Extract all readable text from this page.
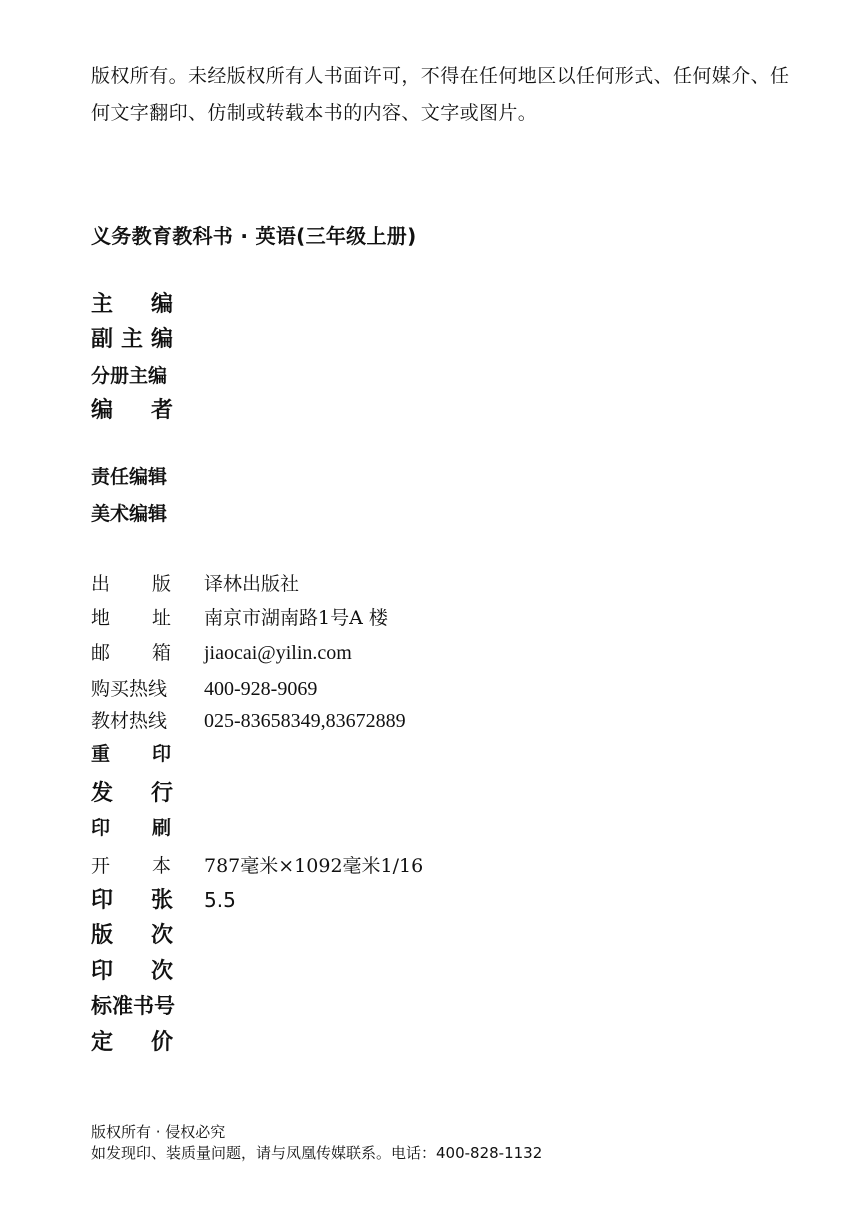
版权所有。未经版权所有人书面许可，不得在任何地区以任何形式、任何媒介、任何文字翻印、仿制或转载本书的内容、文字或图片。
义务教育教科书 · 英语(三年级上册)
主 编
副 主 编
分册主编
编 者
责任编辑
美术编辑
出 版 译林出版社
地 址 南京市湖南路1号A 楼
邮 箱 jiaocai@yilin.com
购买热线 400-928-9069
教材热线 025-83658349,83672889
重 印
发 行
印 刷
开 本 787毫米×1092毫米1/16
印 张 5.5
版 次
印 次
标准书号
定 价
版权所有 · 侵权必究
如发现印、装质量问题，请与凤凰传媒联系。电话：400-828-1132
